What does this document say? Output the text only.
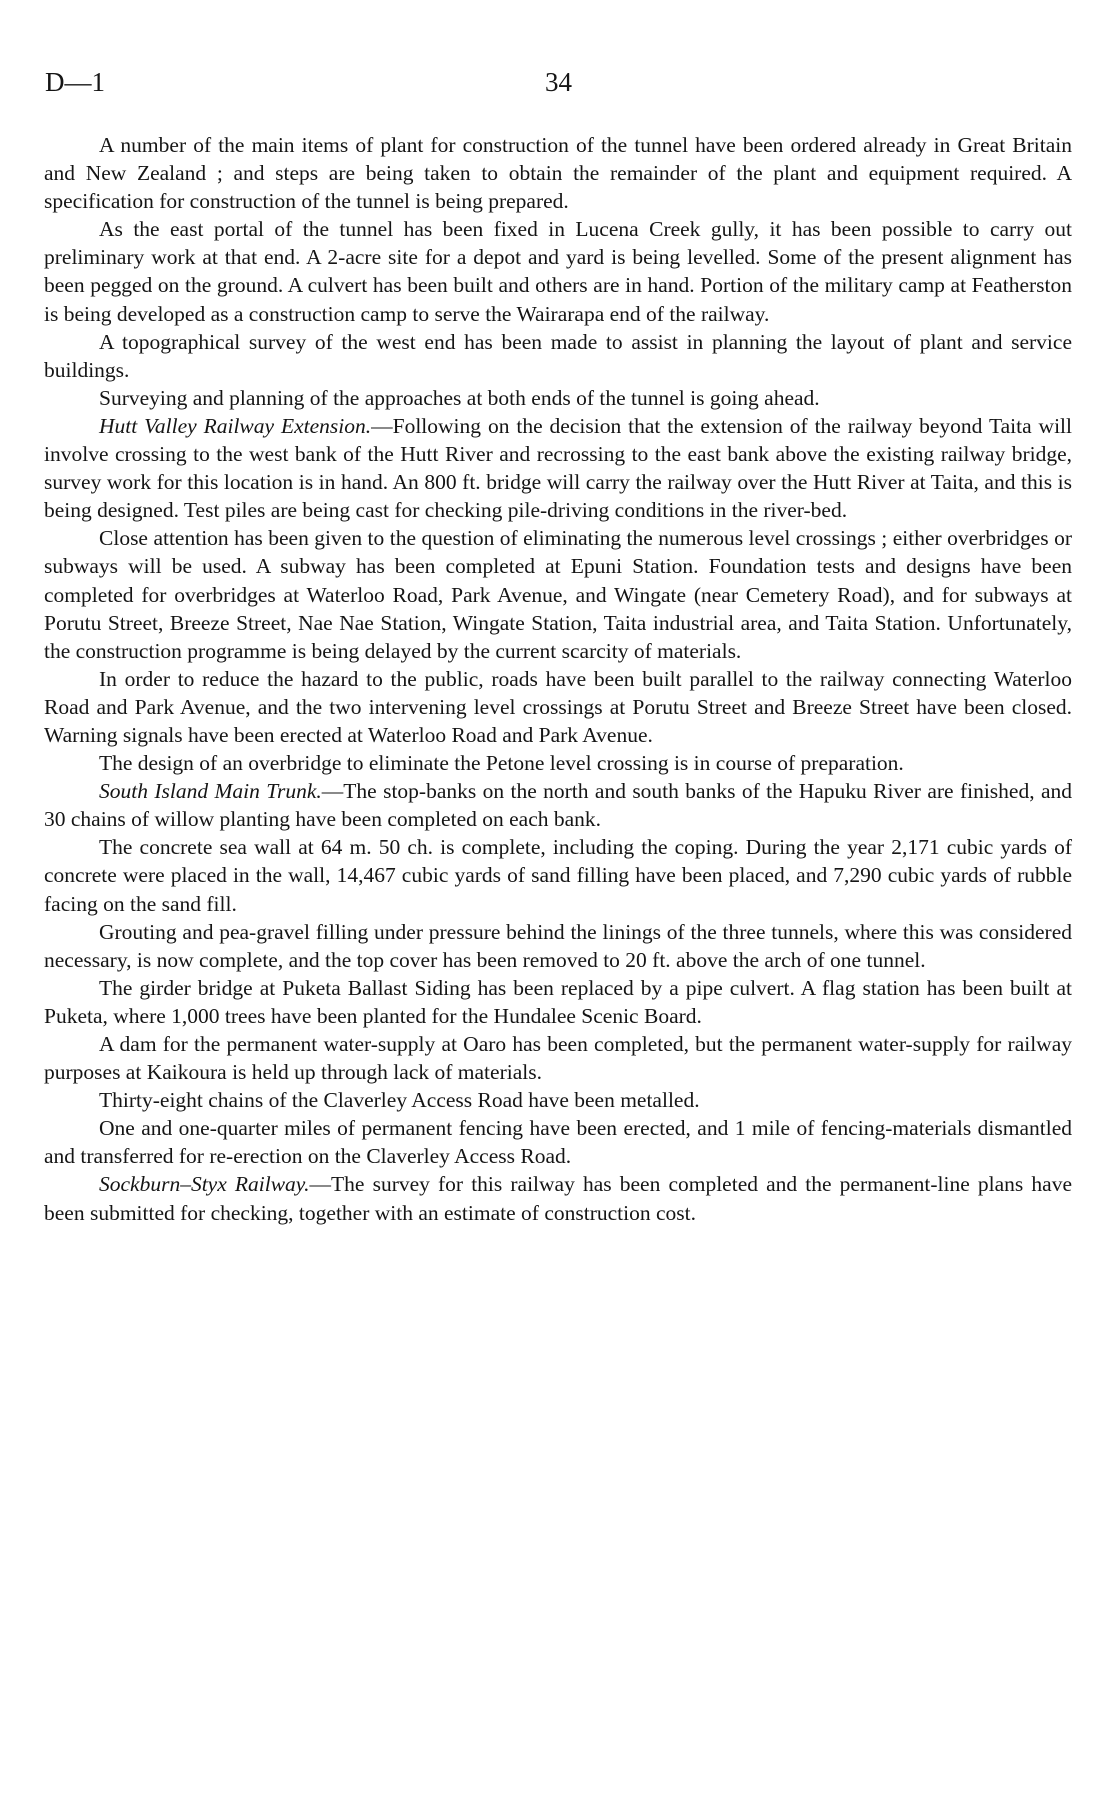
D—1	34

A number of the main items of plant for construction of the tunnel have been ordered already in Great Britain and New Zealand ; and steps are being taken to obtain the remainder of the plant and equipment required. A specification for construction of the tunnel is being prepared.

As the east portal of the tunnel has been fixed in Lucena Creek gully, it has been possible to carry out preliminary work at that end. A 2-acre site for a depot and yard is being levelled. Some of the present alignment has been pegged on the ground. A culvert has been built and others are in hand. Portion of the military camp at Featherston is being developed as a construction camp to serve the Wairarapa end of the railway.

A topographical survey of the west end has been made to assist in planning the layout of plant and service buildings.

Surveying and planning of the approaches at both ends of the tunnel is going ahead.

Hutt Valley Railway Extension.—Following on the decision that the extension of the railway beyond Taita will involve crossing to the west bank of the Hutt River and recrossing to the east bank above the existing railway bridge, survey work for this location is in hand. An 800 ft. bridge will carry the railway over the Hutt River at Taita, and this is being designed. Test piles are being cast for checking pile-driving conditions in the river-bed.

Close attention has been given to the question of eliminating the numerous level crossings ; either overbridges or subways will be used. A subway has been completed at Epuni Station. Foundation tests and designs have been completed for overbridges at Waterloo Road, Park Avenue, and Wingate (near Cemetery Road), and for subways at Porutu Street, Breeze Street, Nae Nae Station, Wingate Station, Taita industrial area, and Taita Station. Unfortunately, the construction programme is being delayed by the current scarcity of materials.

In order to reduce the hazard to the public, roads have been built parallel to the railway connecting Waterloo Road and Park Avenue, and the two intervening level crossings at Porutu Street and Breeze Street have been closed. Warning signals have been erected at Waterloo Road and Park Avenue.

The design of an overbridge to eliminate the Petone level crossing is in course of preparation.

South Island Main Trunk.—The stop-banks on the north and south banks of the Hapuku River are finished, and 30 chains of willow planting have been completed on each bank.

The concrete sea wall at 64 m. 50 ch. is complete, including the coping. During the year 2,171 cubic yards of concrete were placed in the wall, 14,467 cubic yards of sand filling have been placed, and 7,290 cubic yards of rubble facing on the sand fill.

Grouting and pea-gravel filling under pressure behind the linings of the three tunnels, where this was considered necessary, is now complete, and the top cover has been removed to 20 ft. above the arch of one tunnel.

The girder bridge at Puketa Ballast Siding has been replaced by a pipe culvert. A flag station has been built at Puketa, where 1,000 trees have been planted for the Hundalee Scenic Board.

A dam for the permanent water-supply at Oaro has been completed, but the permanent water-supply for railway purposes at Kaikoura is held up through lack of materials.

Thirty-eight chains of the Claverley Access Road have been metalled.

One and one-quarter miles of permanent fencing have been erected, and 1 mile of fencing-materials dismantled and transferred for re-erection on the Claverley Access Road.

Sockburn–Styx Railway.—The survey for this railway has been completed and the permanent-line plans have been submitted for checking, together with an estimate of construction cost.
